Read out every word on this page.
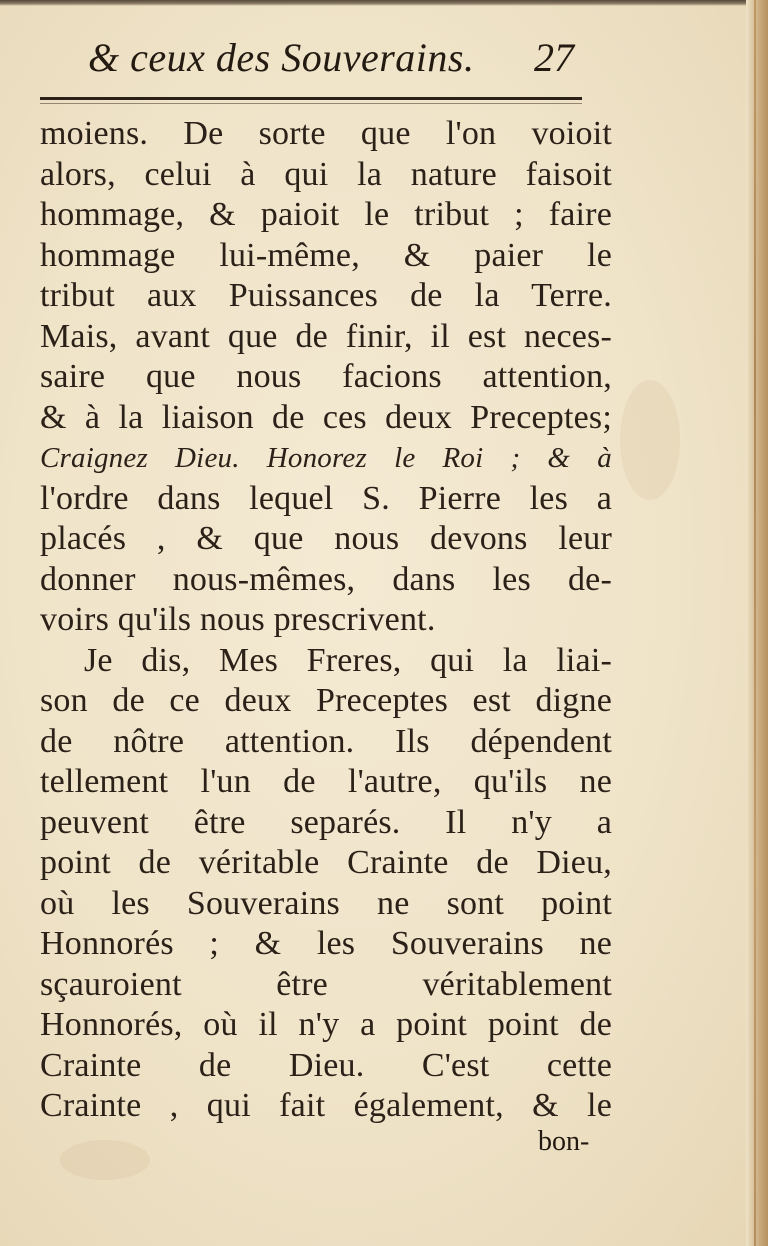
& ceux des Souverains. 27
moiens. De sorte que l'on voioit
alors, celui à qui la nature faisoit
hommage, & paioit le tribut ; faire
hommage lui-même, & paier le
tribut aux Puissances de la Terre.
Mais, avant que de finir, il est neces-
saire que nous facions attention,
& à la liaison de ces deux Preceptes;
Craignez Dieu. Honorez le Roi ; & à
l'ordre dans lequel S. Pierre les a
placés , & que nous devons leur
donner nous-mêmes, dans les de-
voirs qu'ils nous prescrivent.
Je dis, Mes Freres, qui la liai-
son de ce deux Preceptes est digne
de nôtre attention. Ils dépendent
tellement l'un de l'autre, qu'ils ne
peuvent être separés. Il n'y a
point de véritable Crainte de Dieu,
où les Souverains ne sont point
Honnorés ; & les Souverains ne
sçauroient être véritablement
Honnorés, où il n'y a point point de
Crainte de Dieu. C'est cette
Crainte , qui fait également, & le
bon-
